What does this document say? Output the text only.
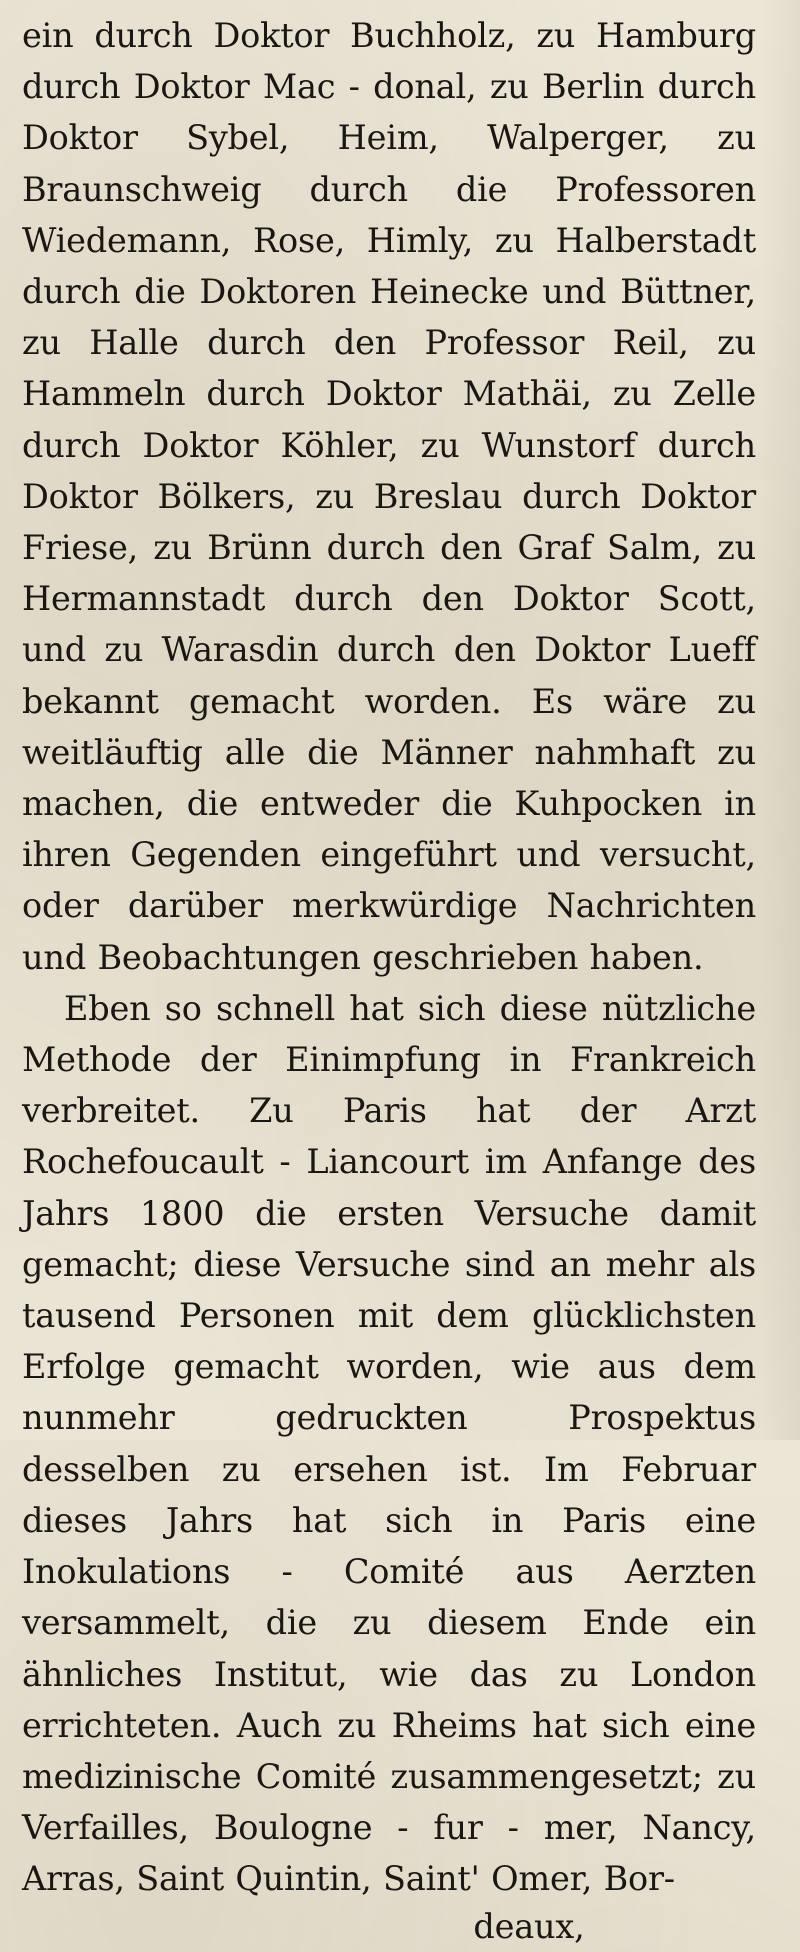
ein durch Doktor Buchholz, zu Hamburg durch Doktor Mac - donal, zu Berlin durch Doktor Sybel, Heim, Walperger, zu Braunschweig durch die Professoren Wiedemann, Rose, Himly, zu Halberstadt durch die Doktoren Heinecke und Büttner, zu Halle durch den Professor Reil, zu Hammeln durch Doktor Mathäi, zu Zelle durch Doktor Köhler, zu Wunstorf durch Doktor Bölkers, zu Breslau durch Doktor Friese, zu Brünn durch den Graf Salm, zu Hermannstadt durch den Doktor Scott, und zu Warasdin durch den Doktor Lueff bekannt gemacht worden. Es wäre zu weitläuftig alle die Männer nahmhaft zu machen, die entweder die Kuhpocken in ihren Gegenden eingeführt und versucht, oder darüber merkwürdige Nachrichten und Beobachtungen geschrieben haben.

Eben so schnell hat sich diese nützliche Methode der Einimpfung in Frankreich verbreitet. Zu Paris hat der Arzt Rochefoucault - Liancourt im Anfange des Jahrs 1800 die ersten Versuche damit gemacht; diese Versuche sind an mehr als tausend Personen mit dem glücklichsten Erfolge gemacht worden, wie aus dem nunmehr gedruckten Prospektus desselben zu ersehen ist. Im Februar dieses Jahrs hat sich in Paris eine Inokulations - Comité aus Aerzten versammelt, die zu diesem Ende ein ähnliches Institut, wie das zu London errichteten. Auch zu Rheims hat sich eine medizinische Comité zusammengesetzt; zu Verfailles, Boulogne - fur - mer, Nancy, Arras, Saint Quintin, Saint' Omer, Bor-

deaux,
